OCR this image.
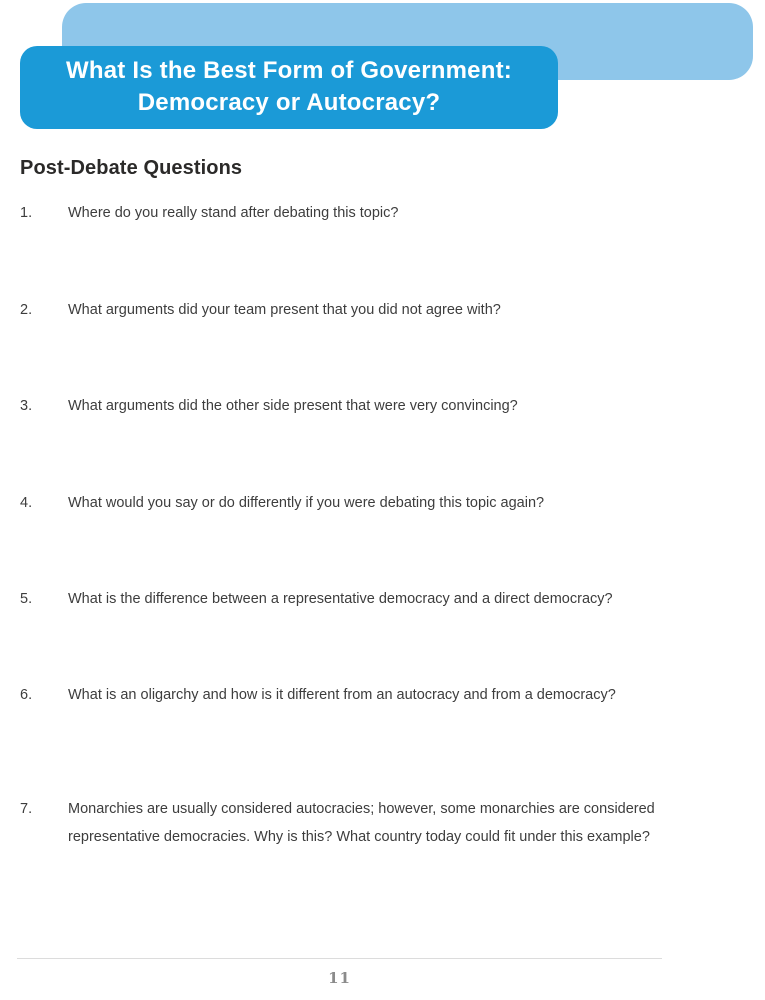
What Is the Best Form of Government:
Democracy or Autocracy?
Post-Debate Questions
1.	Where do you really stand after debating this topic?
2.	What arguments did your team present that you did not agree with?
3.	What arguments did the other side present that were very convincing?
4.	What would you say or do differently if you were debating this topic again?
5.	What is the difference between a representative democracy and a direct democracy?
6.	What is an oligarchy and how is it different from an autocracy and from a democracy?
7.	Monarchies are usually considered autocracies; however, some monarchies are considered representative democracies. Why is this? What country today could fit under this example?
11
